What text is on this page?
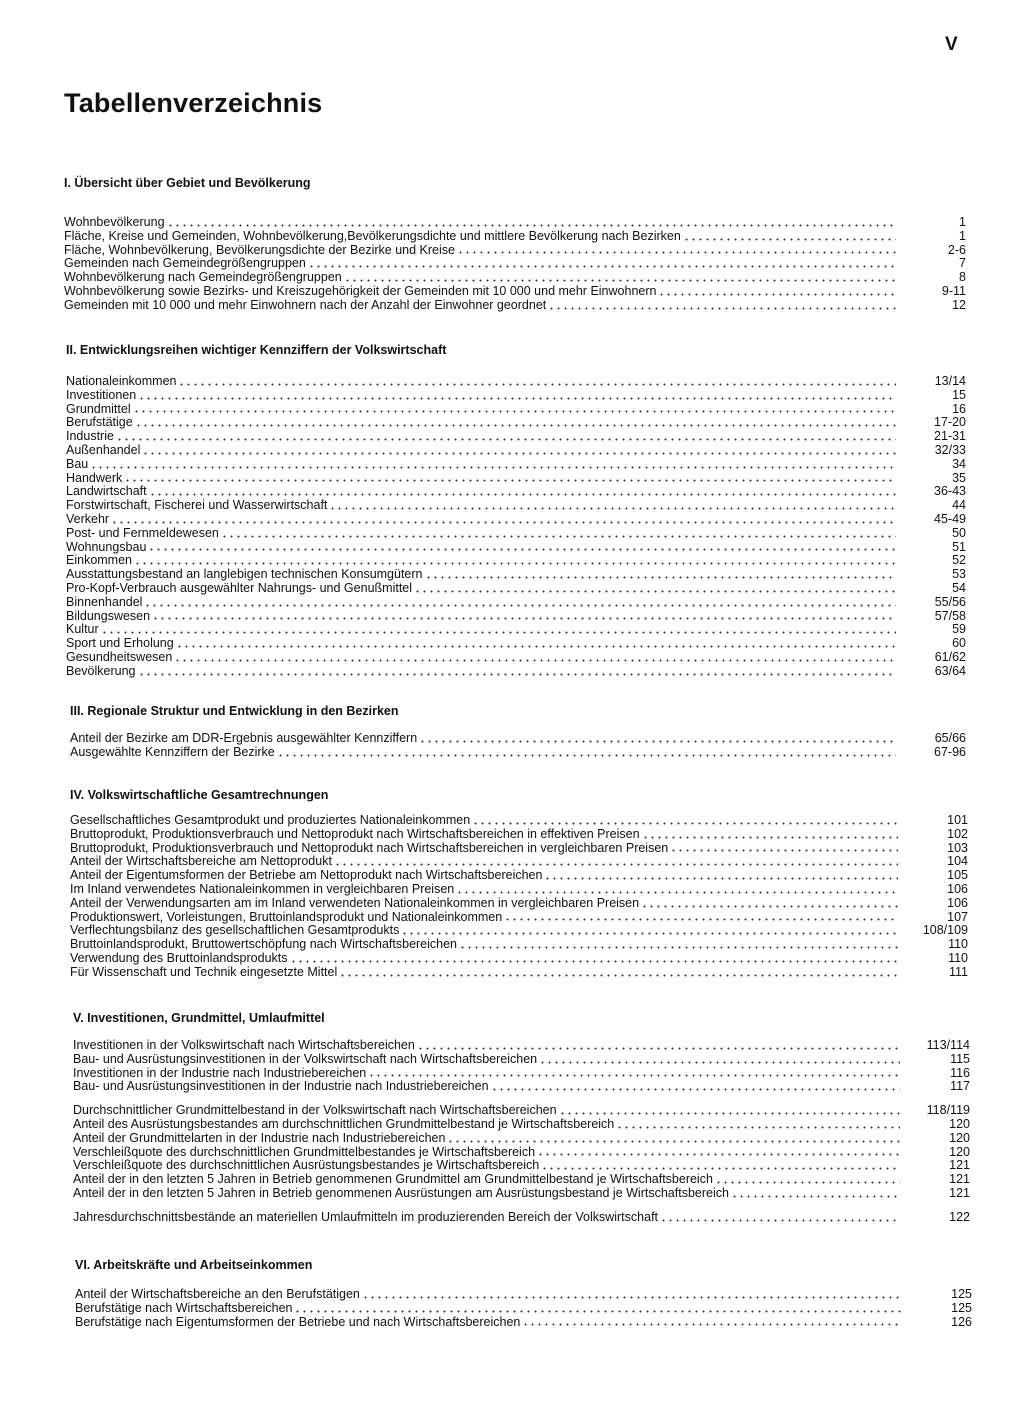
V
Tabellenverzeichnis
I. Übersicht über Gebiet und Bevölkerung
Wohnbevölkerung	1
Fläche, Kreise und Gemeinden, Wohnbevölkerung,Bevölkerungsdichte und mittlere Bevölkerung nach Bezirken	1
Fläche, Wohnbevölkerung, Bevölkerungsdichte der Bezirke und Kreise	2-6
Gemeinden nach Gemeindegrößengruppen	7
Wohnbevölkerung nach Gemeindegrößengruppen	8
Wohnbevölkerung sowie Bezirks- und Kreiszugehörigkeit der Gemeinden mit 10 000 und mehr Einwohnern	9-11
Gemeinden mit 10 000 und mehr Einwohnern nach der Anzahl der Einwohner geordnet	12
II. Entwicklungsreihen wichtiger Kennziffern der Volkswirtschaft
Nationaleinkommen	13/14
Investitionen	15
Grundmittel	16
Berufstätige	17-20
Industrie	21-31
Außenhandel	32/33
Bau	34
Handwerk	35
Landwirtschaft	36-43
Forstwirtschaft, Fischerei und Wasserwirtschaft	44
Verkehr	45-49
Post- und Fernmeldewesen	50
Wohnungsbau	51
Einkommen	52
Ausstattungsbestand an langlebigen technischen Konsumgütern	53
Pro-Kopf-Verbrauch ausgewählter Nahrungs- und Genußmittel	54
Binnenhandel	55/56
Bildungswesen	57/58
Kultur	59
Sport und Erholung	60
Gesundheitswesen	61/62
Bevölkerung	63/64
III. Regionale Struktur und Entwicklung in den Bezirken
Anteil der Bezirke am DDR-Ergebnis ausgewählter Kennziffern	65/66
Ausgewählte Kennziffern der Bezirke	67-96
IV. Volkswirtschaftliche Gesamtrechnungen
Gesellschaftliches Gesamtprodukt und produziertes Nationaleinkommen	101
Bruttoprodukt, Produktionsverbrauch und Nettoprodukt nach Wirtschaftsbereichen in effektiven Preisen	102
Bruttoprodukt, Produktionsverbrauch und Nettoprodukt nach Wirtschaftsbereichen in vergleichbaren Preisen	103
Anteil der Wirtschaftsbereiche am Nettoprodukt	104
Anteil der Eigentumsformen der Betriebe am Nettoprodukt nach Wirtschaftsbereichen	105
Im Inland verwendetes Nationaleinkommen in vergleichbaren Preisen	106
Anteil der Verwendungsarten am im Inland verwendeten Nationaleinkommen in vergleichbaren Preisen	106
Produktionswert, Vorleistungen, Bruttoinlandsprodukt und Nationaleinkommen	107
Verflechtungsbilanz des gesellschaftlichen Gesamtprodukts	108/109
Bruttoinlandsprodukt, Bruttowertschöpfung nach Wirtschaftsbereichen	110
Verwendung des Bruttoinlandsprodukts	110
Für Wissenschaft und Technik eingesetzte Mittel	111
V. Investitionen, Grundmittel, Umlaufmittel
Investitionen in der Volkswirtschaft nach Wirtschaftsbereichen	113/114
Bau- und Ausrüstungsinvestitionen in der Volkswirtschaft nach Wirtschaftsbereichen	115
Investitionen in der Industrie nach Industriebereichen	116
Bau- und Ausrüstungsinvestitionen in der Industrie nach Industriebereichen	117
Durchschnittlicher Grundmittelbestand in der Volkswirtschaft nach Wirtschaftsbereichen	118/119
Anteil des Ausrüstungsbestandes am durchschnittlichen Grundmittelbestand je Wirtschaftsbereich	120
Anteil der Grundmittelarten in der Industrie nach Industriebereichen	120
Verschleißquote des durchschnittlichen Grundmittelbestandes je Wirtschaftsbereich	120
Verschleißquote des durchschnittlichen Ausrüstungsbestandes je Wirtschaftsbereich	121
Anteil der in den letzten 5 Jahren in Betrieb genommenen Grundmittel am Grundmittelbestand je Wirtschaftsbereich	121
Anteil der in den letzten 5 Jahren in Betrieb genommenen Ausrüstungen am Ausrüstungsbestand je Wirtschaftsbereich	121
Jahresdurchschnittsbestände an materiellen Umlaufmitteln im produzierenden Bereich der Volkswirtschaft	122
VI. Arbeitskräfte und Arbeitseinkommen
Anteil der Wirtschaftsbereiche an den Berufstätigen	125
Berufstätige nach Wirtschaftsbereichen	125
Berufstätige nach Eigentumsformen der Betriebe und nach Wirtschaftsbereichen	126
